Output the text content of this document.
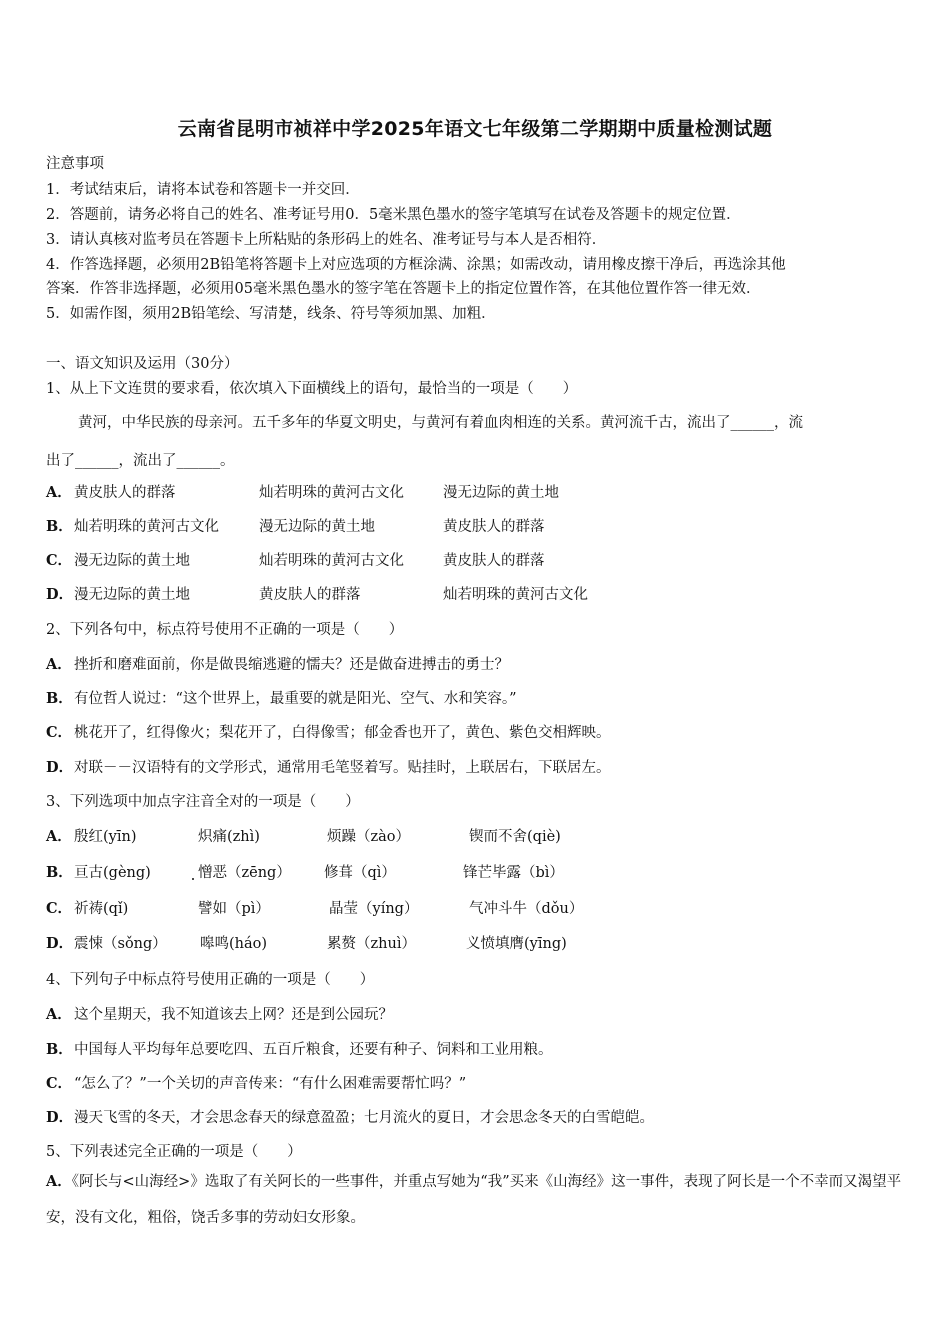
云南省昆明市祯祥中学2025年语文七年级第二学期期中质量检测试题
注意事项
1．考试结束后，请将本试卷和答题卡一并交回．
2．答题前，请务必将自己的姓名、准考证号用0．5毫米黑色墨水的签字笔填写在试卷及答题卡的规定位置．
3．请认真核对监考员在答题卡上所粘贴的条形码上的姓名、准考证号与本人是否相符．
4．作答选择题，必须用2B铅笔将答题卡上对应选项的方框涂满、涂黑；如需改动，请用橡皮擦干净后，再选涂其他
答案．作答非选择题，必须用05毫米黑色墨水的签字笔在答题卡上的指定位置作答，在其他位置作答一律无效．
5．如需作图，须用2B铅笔绘、写清楚，线条、符号等须加黑、加粗．
一、语文知识及运用（30分）
1、从上下文连贯的要求看，依次填入下面横线上的语句，最恰当的一项是（　　）
黄河，中华民族的母亲河。五千多年的华夏文明史，与黄河有着血肉相连的关系。黄河流千古，流出了______，流
出了______，流出了______。
A． 黄皮肤人的群落	灿若明珠的黄河古文化	漫无边际的黄土地
B． 灿若明珠的黄河古文化	漫无边际的黄土地	黄皮肤人的群落
C． 漫无边际的黄土地	灿若明珠的黄河古文化	黄皮肤人的群落
D． 漫无边际的黄土地	黄皮肤人的群落	灿若明珠的黄河古文化
2、下列各句中，标点符号使用不正确的一项是（　　）
A． 挫折和磨难面前，你是做畏缩逃避的懦夫？还是做奋进搏击的勇士？
B． 有位哲人说过：“这个世界上，最重要的就是阳光、空气、水和笑容。”
C． 桃花开了，红得像火；梨花开了，白得像雪；郁金香也开了，黄色、紫色交相辉映。
D． 对联－－汉语特有的文学形式，通常用毛笔竖着写。贴挂时，上联居右，下联居左。
3、下列选项中加点字注音全对的一项是（　　）
A． 殷红(yīn)	炽痛(zhì)	烦躁（zào）	锲而不舍(qiè)
B． 亘古(gèng)	憎恶（zēng） 修葺（qì）	锋芒毕露（bì）
C． 祈祷(qǐ)	譬如（pì）	晶莹（yíng）	气冲斗牛（dǒu）
D． 震悚（sǒng） 嗥鸣(háo)	累赘（zhuì）	义愤填膺(yīng)
4、下列句子中标点符号使用正确的一项是（　　）
A． 这个星期天，我不知道该去上网？还是到公园玩？
B． 中国每人平均每年总要吃四、五百斤粮食，还要有种子、饲料和工业用粮。
C． “怎么了？”一个关切的声音传来：“有什么困难需要帮忙吗？”
D． 漫天飞雪的冬天，才会思念春天的绿意盈盈；七月流火的夏日，才会思念冬天的白雪皑皑。
5、下列表述完全正确的一项是（　　）
A．《阿长与<山海经>》选取了有关阿长的一些事件，并重点写她为“我”买来《山海经》这一事件，表现了阿长是一个不幸而又渴望平安，没有文化，粗俗，饶舌多事的劳动妇女形象。
